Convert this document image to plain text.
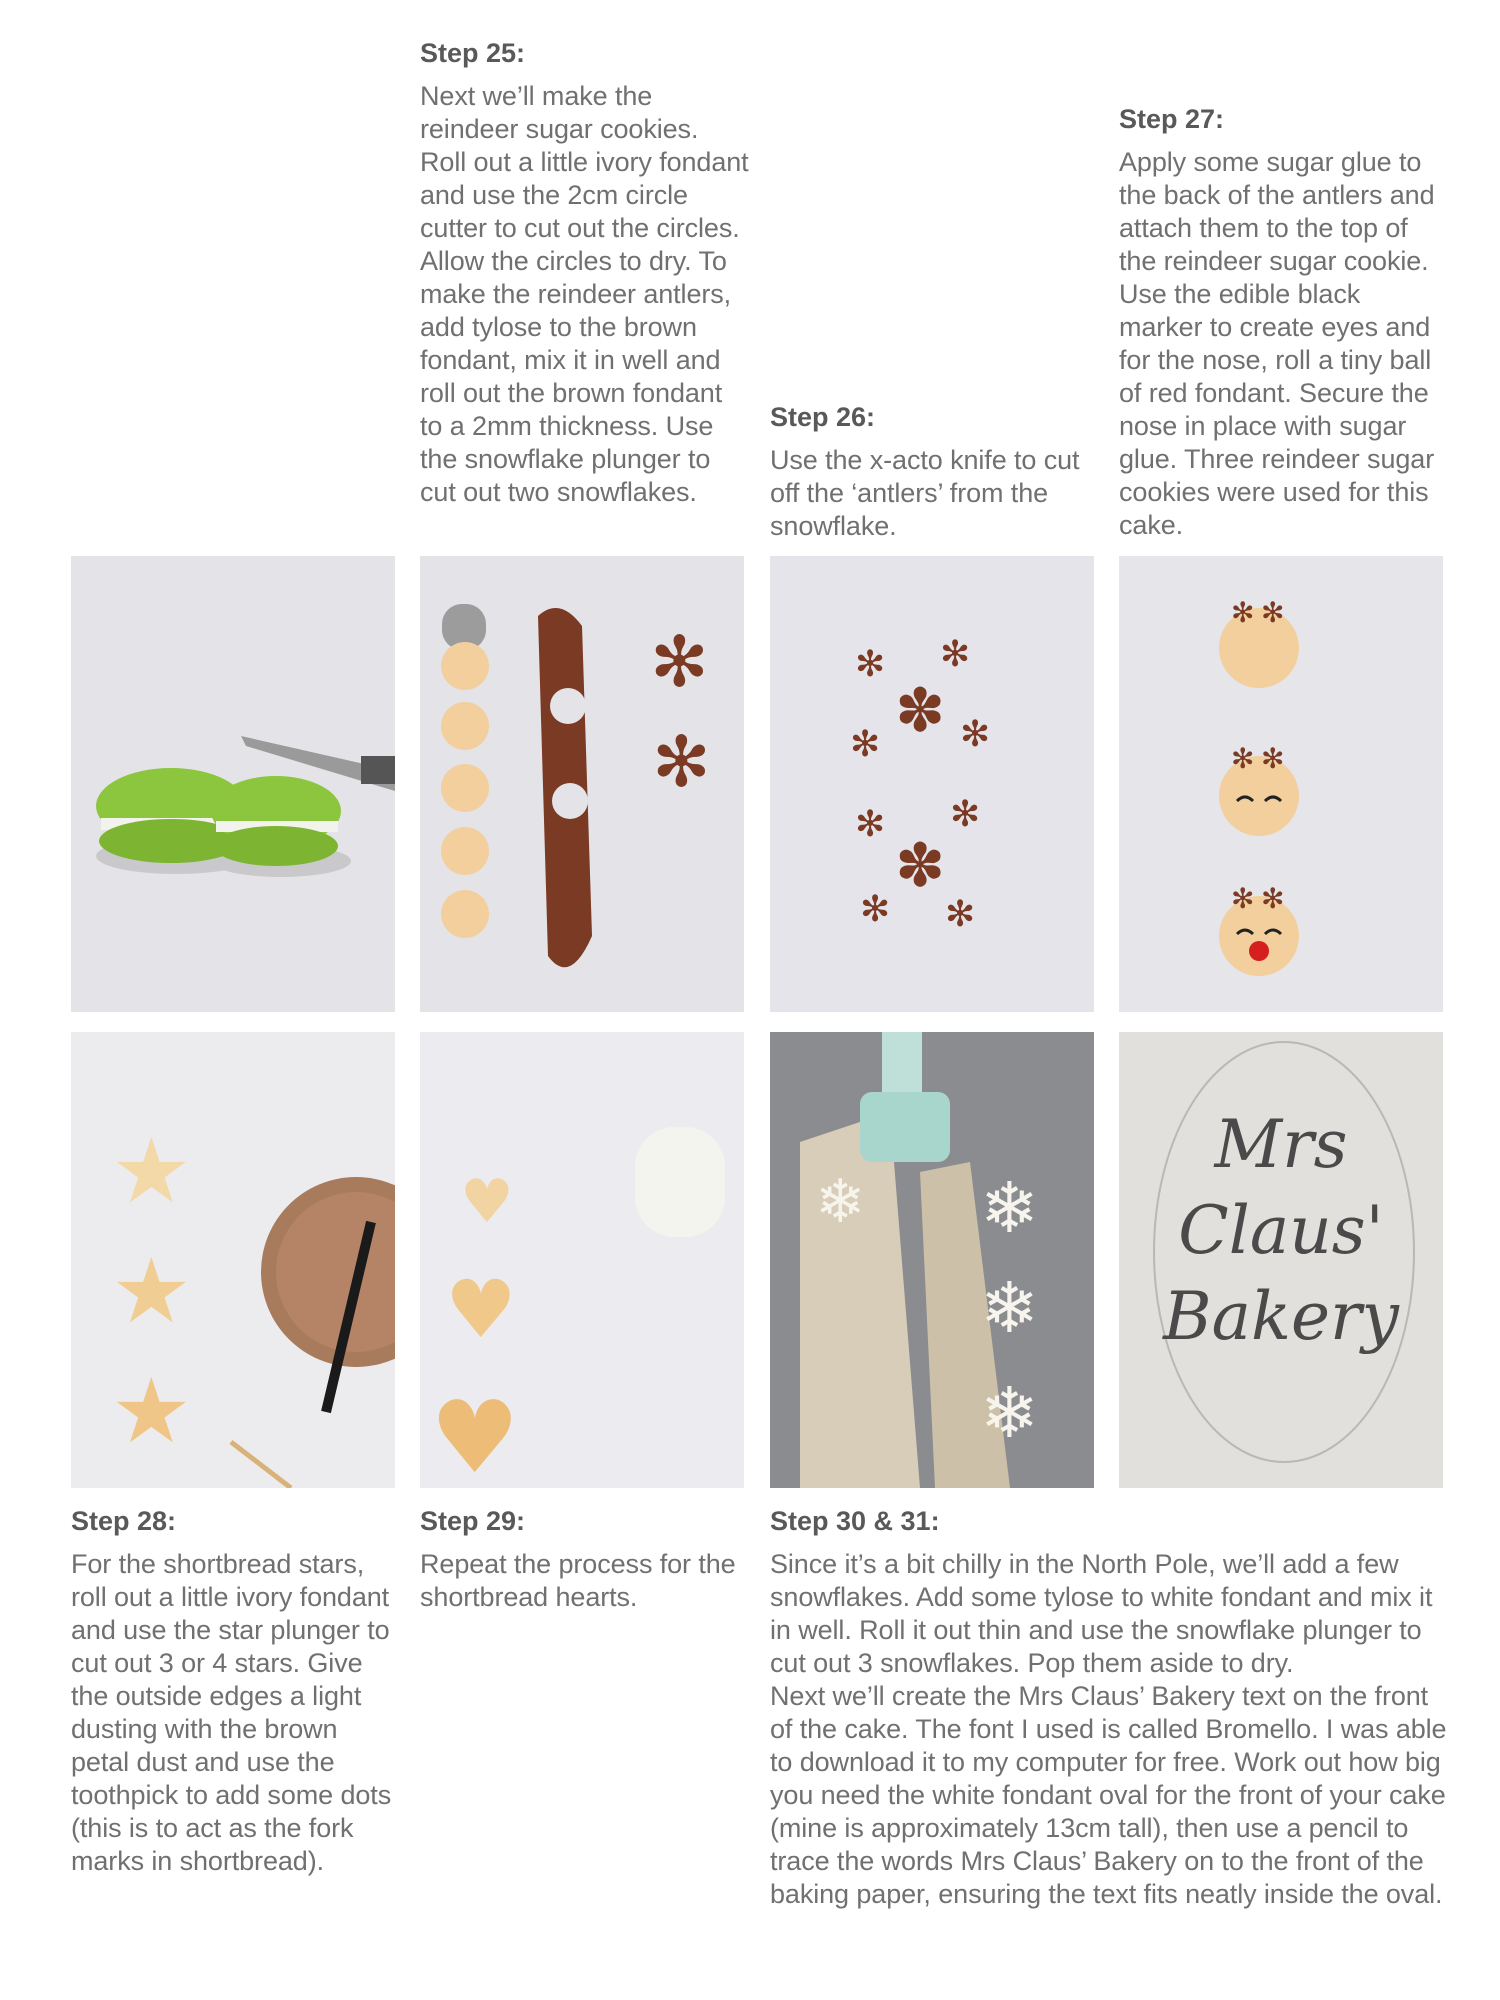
Step 25:
Next we’ll make the reindeer sugar cookies. Roll out a little ivory fondant and use the 2cm circle cutter to cut out the circles. Allow the circles to dry. To make the reindeer antlers, add tylose to the brown fondant, mix it in well and roll out the brown fondant to a 2mm thickness. Use the snowflake plunger to cut out two snowflakes.
Step 26:
Use the x-acto knife to cut off the ‘antlers’ from the snowflake.
Step 27:
Apply some sugar glue to the back of the antlers and attach them to the top of the reindeer sugar cookie. Use the edible black marker to create eyes and for the nose, roll a tiny ball of red fondant. Secure the nose in place with sugar glue. Three reindeer sugar cookies were used for this cake.
✻
✻
✽
✻ ✻
✻ ✻
✽
✻ ✻
✻ ✻
✻ ✻
✻ ✻
✻ ✻
★
★
★
♥
♥
♥
❄ ❄
❄
❄
Mrs
Claus'
Bakery
Step 28:
For the shortbread stars, roll out a little ivory fondant and use the star plunger to cut out 3 or 4 stars. Give the outside edges a light dusting with the brown petal dust and use the toothpick to add some dots (this is to act as the fork marks in shortbread).
Step 29:
Repeat the process for the shortbread hearts.
Step 30 & 31:

Since it’s a bit chilly in the North Pole, we’ll add a few snowflakes. Add some tylose to white fondant and mix it in well. Roll it out thin and use the snowflake plunger to cut out 3 snowflakes. Pop them aside to dry.

Next we’ll create the Mrs Claus’ Bakery text on the front of the cake. The font I used is called Bromello. I was able to download it to my computer for free. Work out how big you need the white fondant oval for the front of your cake (mine is approximately 13cm tall), then use a pencil to trace the words Mrs Claus’ Bakery on to the front of the baking paper, ensuring the text fits neatly inside the oval.
